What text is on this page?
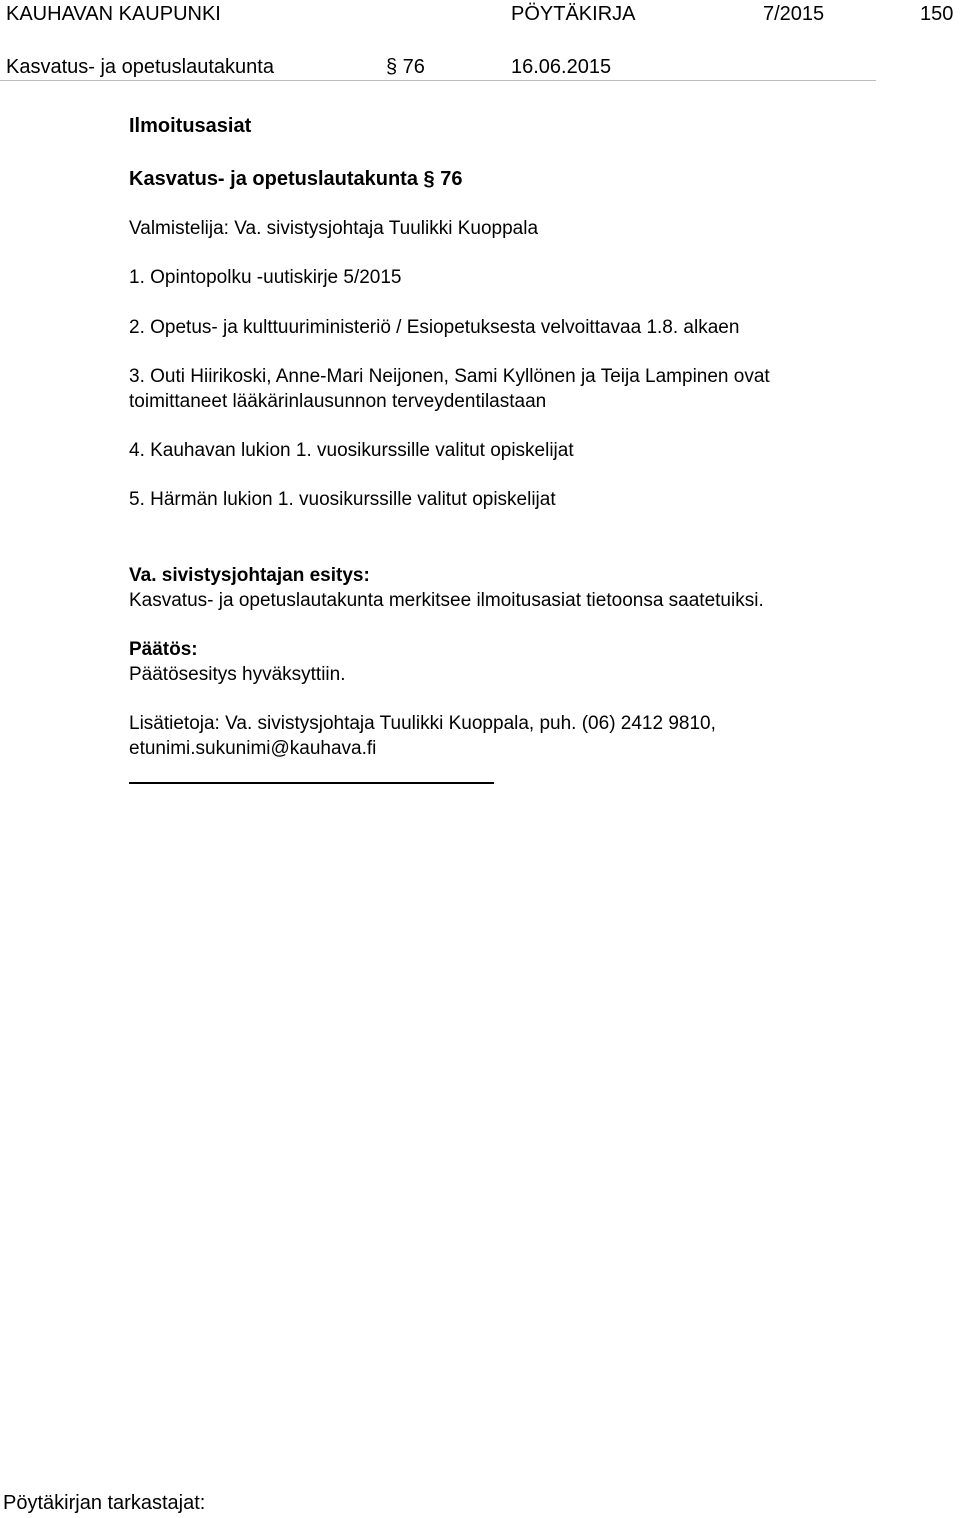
KAUHAVAN KAUPUNKI	PÖYTÄKIRJA	7/2015	150
Kasvatus- ja opetuslautakunta	§ 76	16.06.2015
Ilmoitusasiat
Kasvatus- ja opetuslautakunta § 76
Valmistelija: Va. sivistysjohtaja Tuulikki Kuoppala
1. Opintopolku -uutiskirje 5/2015
2. Opetus- ja kulttuuriministeriö / Esiopetuksesta velvoittavaa 1.8. alkaen
3. Outi Hiirikoski, Anne-Mari Neijonen, Sami Kyllönen ja Teija Lampinen ovat
toimittaneet lääkärinlausunnon terveydentilastaan
4. Kauhavan lukion 1. vuosikurssille valitut opiskelijat
5. Härmän lukion 1. vuosikurssille valitut opiskelijat
Va. sivistysjohtajan esitys:
Kasvatus- ja opetuslautakunta merkitsee ilmoitusasiat tietoonsa saatetuiksi.
Päätös:
Päätösesitys hyväksyttiin.
Lisätietoja: Va. sivistysjohtaja Tuulikki Kuoppala, puh. (06) 2412 9810,
etunimi.sukunimi@kauhava.fi
Pöytäkirjan tarkastajat:
